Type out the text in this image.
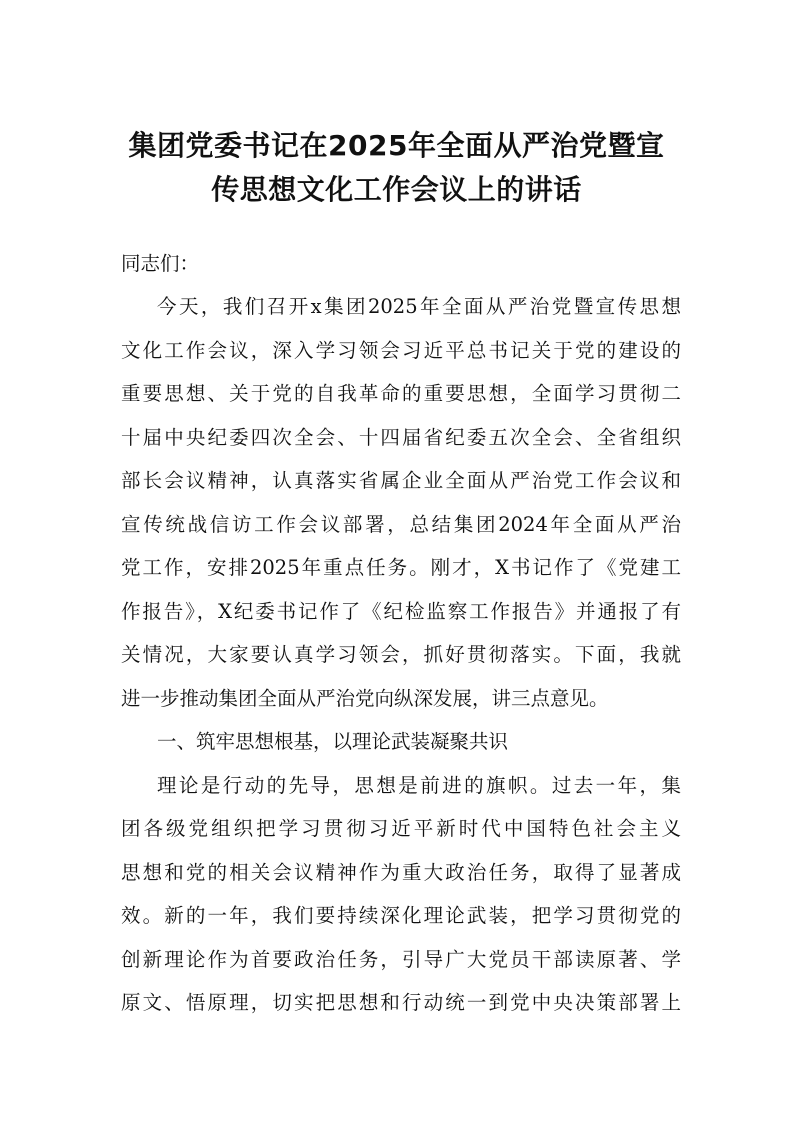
集团党委书记在2025年全面从严治党暨宣
传思想文化工作会议上的讲话
同志们：
今天，我们召开x集团2025年全面从严治党暨宣传思想
文化工作会议，深入学习领会习近平总书记关于党的建设的
重要思想、关于党的自我革命的重要思想，全面学习贯彻二
十届中央纪委四次全会、十四届省纪委五次全会、全省组织
部长会议精神，认真落实省属企业全面从严治党工作会议和
宣传统战信访工作会议部署，总结集团2024年全面从严治
党工作，安排2025年重点任务。刚才，X书记作了《党建工
作报告》，X纪委书记作了《纪检监察工作报告》并通报了有
关情况，大家要认真学习领会，抓好贯彻落实。下面，我就
进一步推动集团全面从严治党向纵深发展，讲三点意见。
一、筑牢思想根基，以理论武装凝聚共识
理论是行动的先导，思想是前进的旗帜。过去一年，集
团各级党组织把学习贯彻习近平新时代中国特色社会主义
思想和党的相关会议精神作为重大政治任务，取得了显著成
效。新的一年，我们要持续深化理论武装，把学习贯彻党的
创新理论作为首要政治任务，引导广大党员干部读原著、学
原文、悟原理，切实把思想和行动统一到党中央决策部署上
